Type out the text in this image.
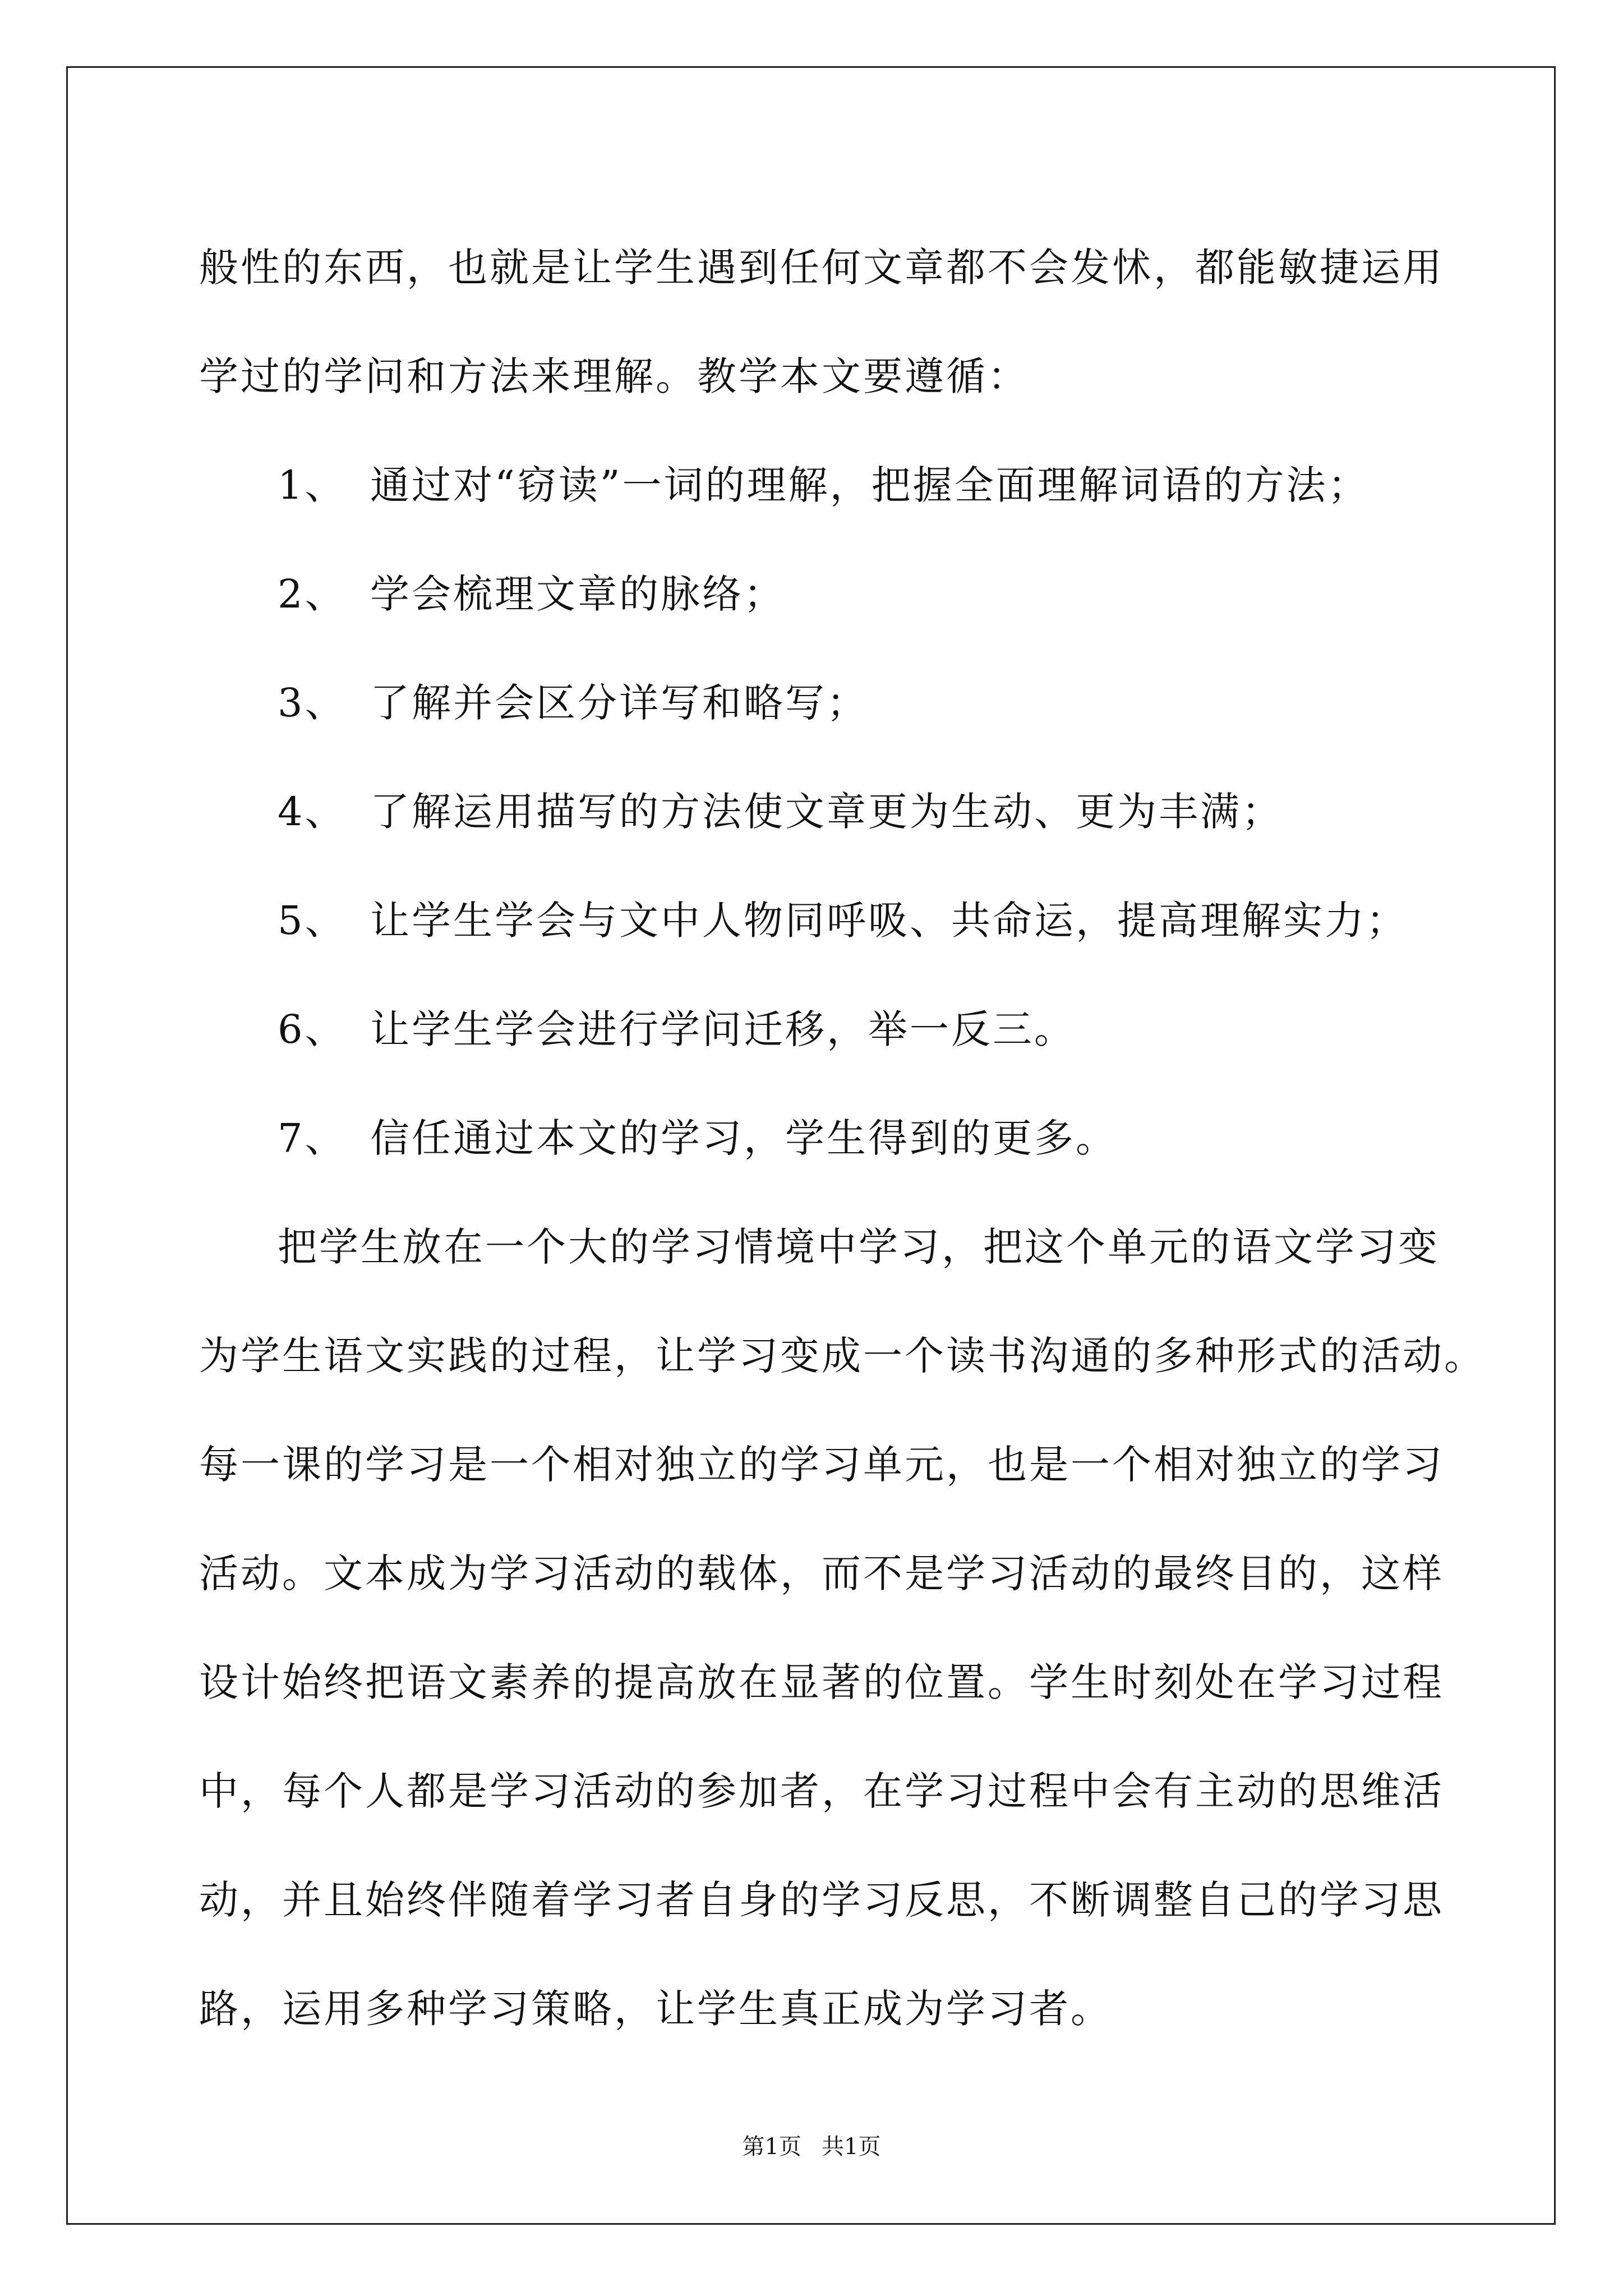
般性的东西，也就是让学生遇到任何文章都不会发怵，都能敏捷运用
学过的学问和方法来理解。教学本文要遵循：
1、 通过对“窃读”一词的理解，把握全面理解词语的方法；
2、 学会梳理文章的脉络；
3、 了解并会区分详写和略写；
4、 了解运用描写的方法使文章更为生动、更为丰满；
5、 让学生学会与文中人物同呼吸、共命运，提高理解实力；
6、 让学生学会进行学问迁移，举一反三。
7、 信任通过本文的学习，学生得到的更多。
把学生放在一个大的学习情境中学习，把这个单元的语文学习变
为学生语文实践的过程，让学习变成一个读书沟通的多种形式的活动。
每一课的学习是一个相对独立的学习单元，也是一个相对独立的学习
活动。文本成为学习活动的载体，而不是学习活动的最终目的，这样
设计始终把语文素养的提高放在显著的位置。学生时刻处在学习过程
中，每个人都是学习活动的参加者，在学习过程中会有主动的思维活
动，并且始终伴随着学习者自身的学习反思，不断调整自己的学习思
路，运用多种学习策略，让学生真正成为学习者。
第1页 共1页
